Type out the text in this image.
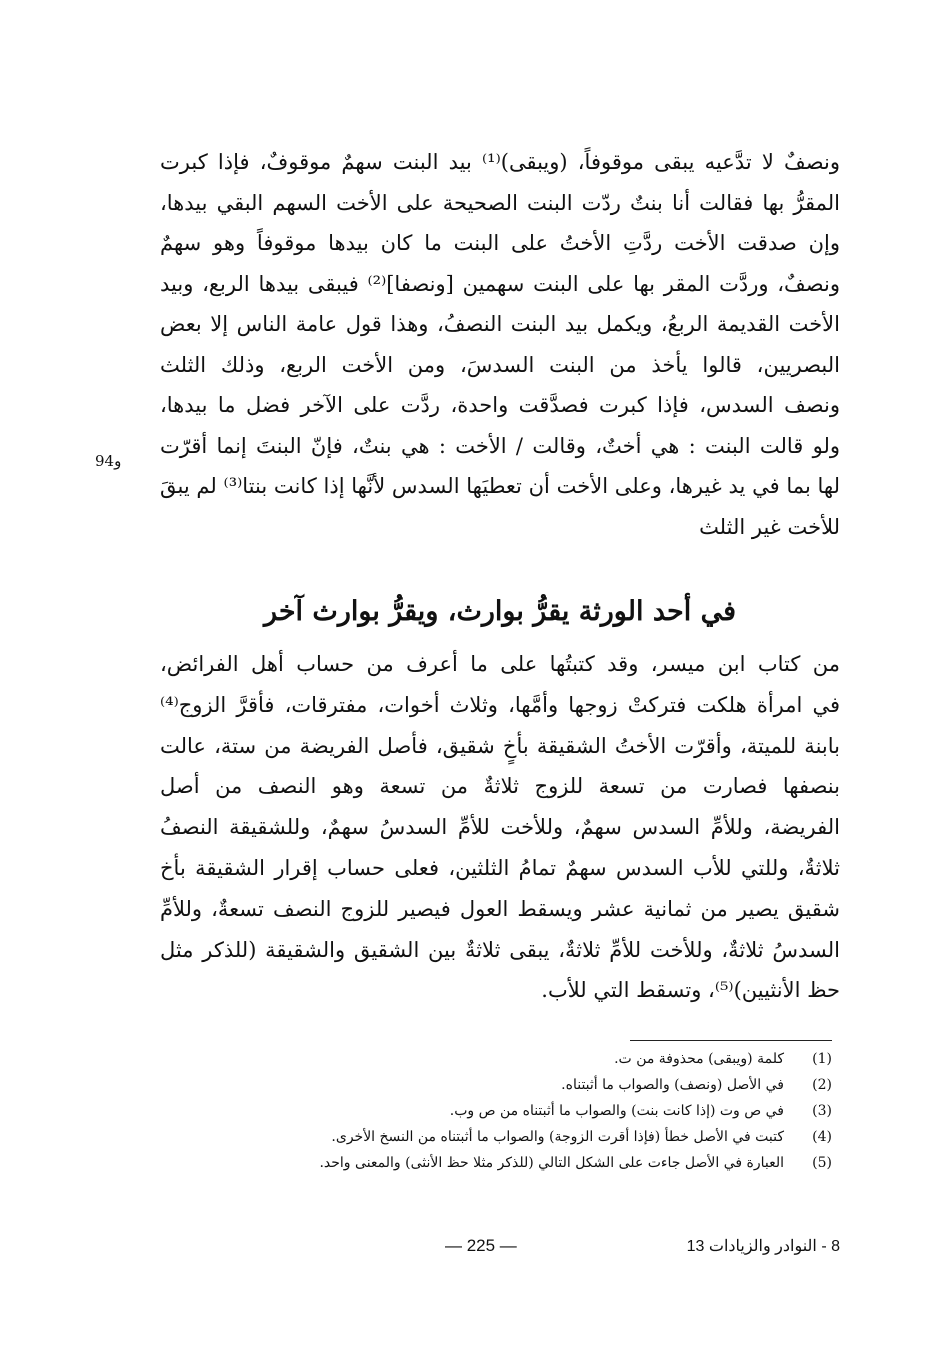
ونصفٌ لا تدَّعيه يبقى موقوفاً، (ويبقى)⁽¹⁾ بيد البنت سهمٌ موقوفٌ، فإذا كبرت
المقرُّ بها فقالت أنا بنتٌ ردّت البنت الصحيحة على الأخت السهم البقي بيدها،
وإن صدقت الأخت ردَّتِ الأختُ على البنت ما كان بيدها موقوفاً وهو سهمٌ
ونصفٌ، وردَّت المقر بها على البنت سهمين [ونصفا]⁽²⁾ فيبقى بيدها الربع، وبيد
الأخت القديمة الربعُ، ويكمل بيد البنت النصفُ، وهذا قول عامة الناس إلا بعض
البصريين، قالوا يأخذ من البنت السدسَ، ومن الأخت الربع، وذلك الثلث
ونصف السدس، فإذا كبرت فصدَّقت واحدة، ردَّت على الآخر فضل ما بيدها،
ولو قالت البنت : هي أختٌ، وقالت / الأخت : هي بنتٌ، فإنّ البنتَ إنما أقرّت
لها بما في يد غيرها، وعلى الأخت أن تعطيَها السدس لأنَّها إذا كانت بنتا⁽³⁾ لم يبقَ
للأخت غير الثلث
94و
في أحد الورثة يقرُّ بوارث، ويقرُّ بوارث آخر
من كتاب ابن ميسر، وقد كتبتُها على ما أعرف من حساب أهل الفرائض،
في امرأة هلكت فتركتْ زوجها وأمَّها، وثلاث أخوات، مفترقات، فأقرَّ الزوج⁽⁴⁾
بابنة للميتة، وأقرّت الأختُ الشقيقة بأخٍ شقيق، فأصل الفريضة من ستة، عالت
بنصفها فصارت من تسعة للزوج ثلاثةٌ من تسعة وهو النصف من أصل
الفريضة، وللأمِّ السدس سهمٌ، وللأخت للأمِّ السدسُ سهمٌ، وللشقيقة النصفُ
ثلاثةٌ، وللتي للأب السدس سهمٌ تمامُ الثلثين، فعلى حساب إقرار الشقيقة بأخ
شقيق يصير من ثمانية عشر ويسقط العول فيصير للزوج النصف تسعةٌ، وللأمِّ
السدسُ ثلاثةٌ، وللأخت للأمِّ ثلاثةٌ، يبقى ثلاثةٌ بين الشقيق والشقيقة (للذكر مثل
حظ الأنثيين)⁽⁵⁾، وتسقط التي للأب.
(1)
كلمة (ويبقى) محذوفة من ت.
(2)
في الأصل (ونصف) والصواب ما أثبتناه.
(3)
في ص وت (إذا كانت بنت) والصواب ما أثبتناه من ص وب.
(4)
كتبت في الأصل خطأ (فإذا أقرت الزوجة) والصواب ما أثبتناه من النسخ الأخرى.
(5)
العبارة في الأصل جاءت على الشكل التالي (للذكر مثلا حظ الأنثى) والمعنى واحد.
— 225 —	8 - النوادر والزيادات 13
